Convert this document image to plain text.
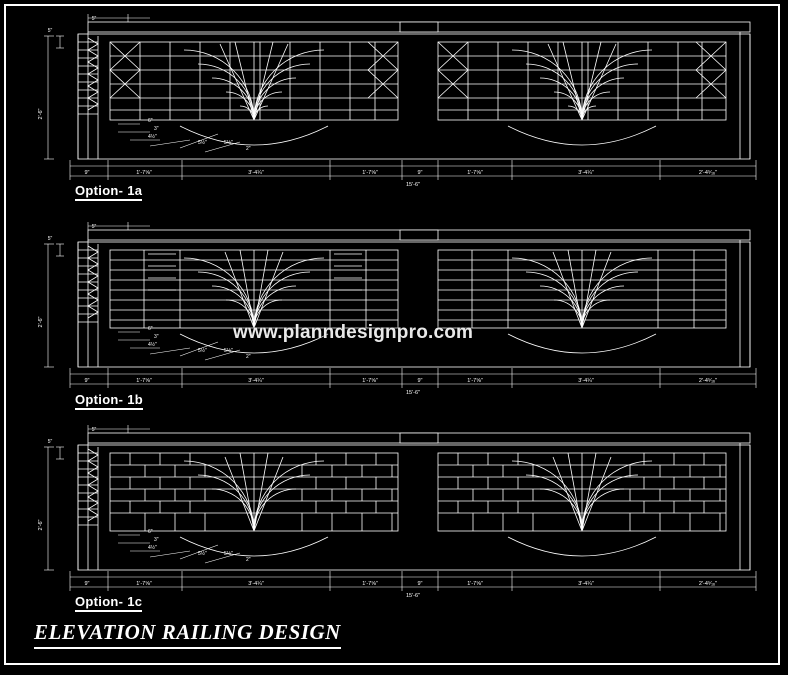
5"
5"
9"	1'-7⅝"	3'-4¼"	1'-7⅝"	9"	1'-7⅝"	3'-4¼"	2'-4⁵⁄₁₆"
15'-6"
6"
3"
4½"
5½"	5½"
2"
2'-6"
Option- 1a
5"
5"
9"	1'-7⅝"	3'-4¼"	1'-7⅝"	9"	1'-7⅝"	3'-4¼"	2'-4⁵⁄₁₆"
15'-6"
6"
3"
4½"
5½"	5½"
2"
2'-6"
Option- 1b
5"
5"
9"	1'-7⅝"	3'-4¼"	1'-7⅝"	9"	1'-7⅝"	3'-4¼"	2'-4⁵⁄₁₆"
15'-6"
6"
3"
4½"
5½"	5½"
2"
2'-6"
Option- 1c
www.planndesignpro.com
ELEVATION RAILING DESIGN
